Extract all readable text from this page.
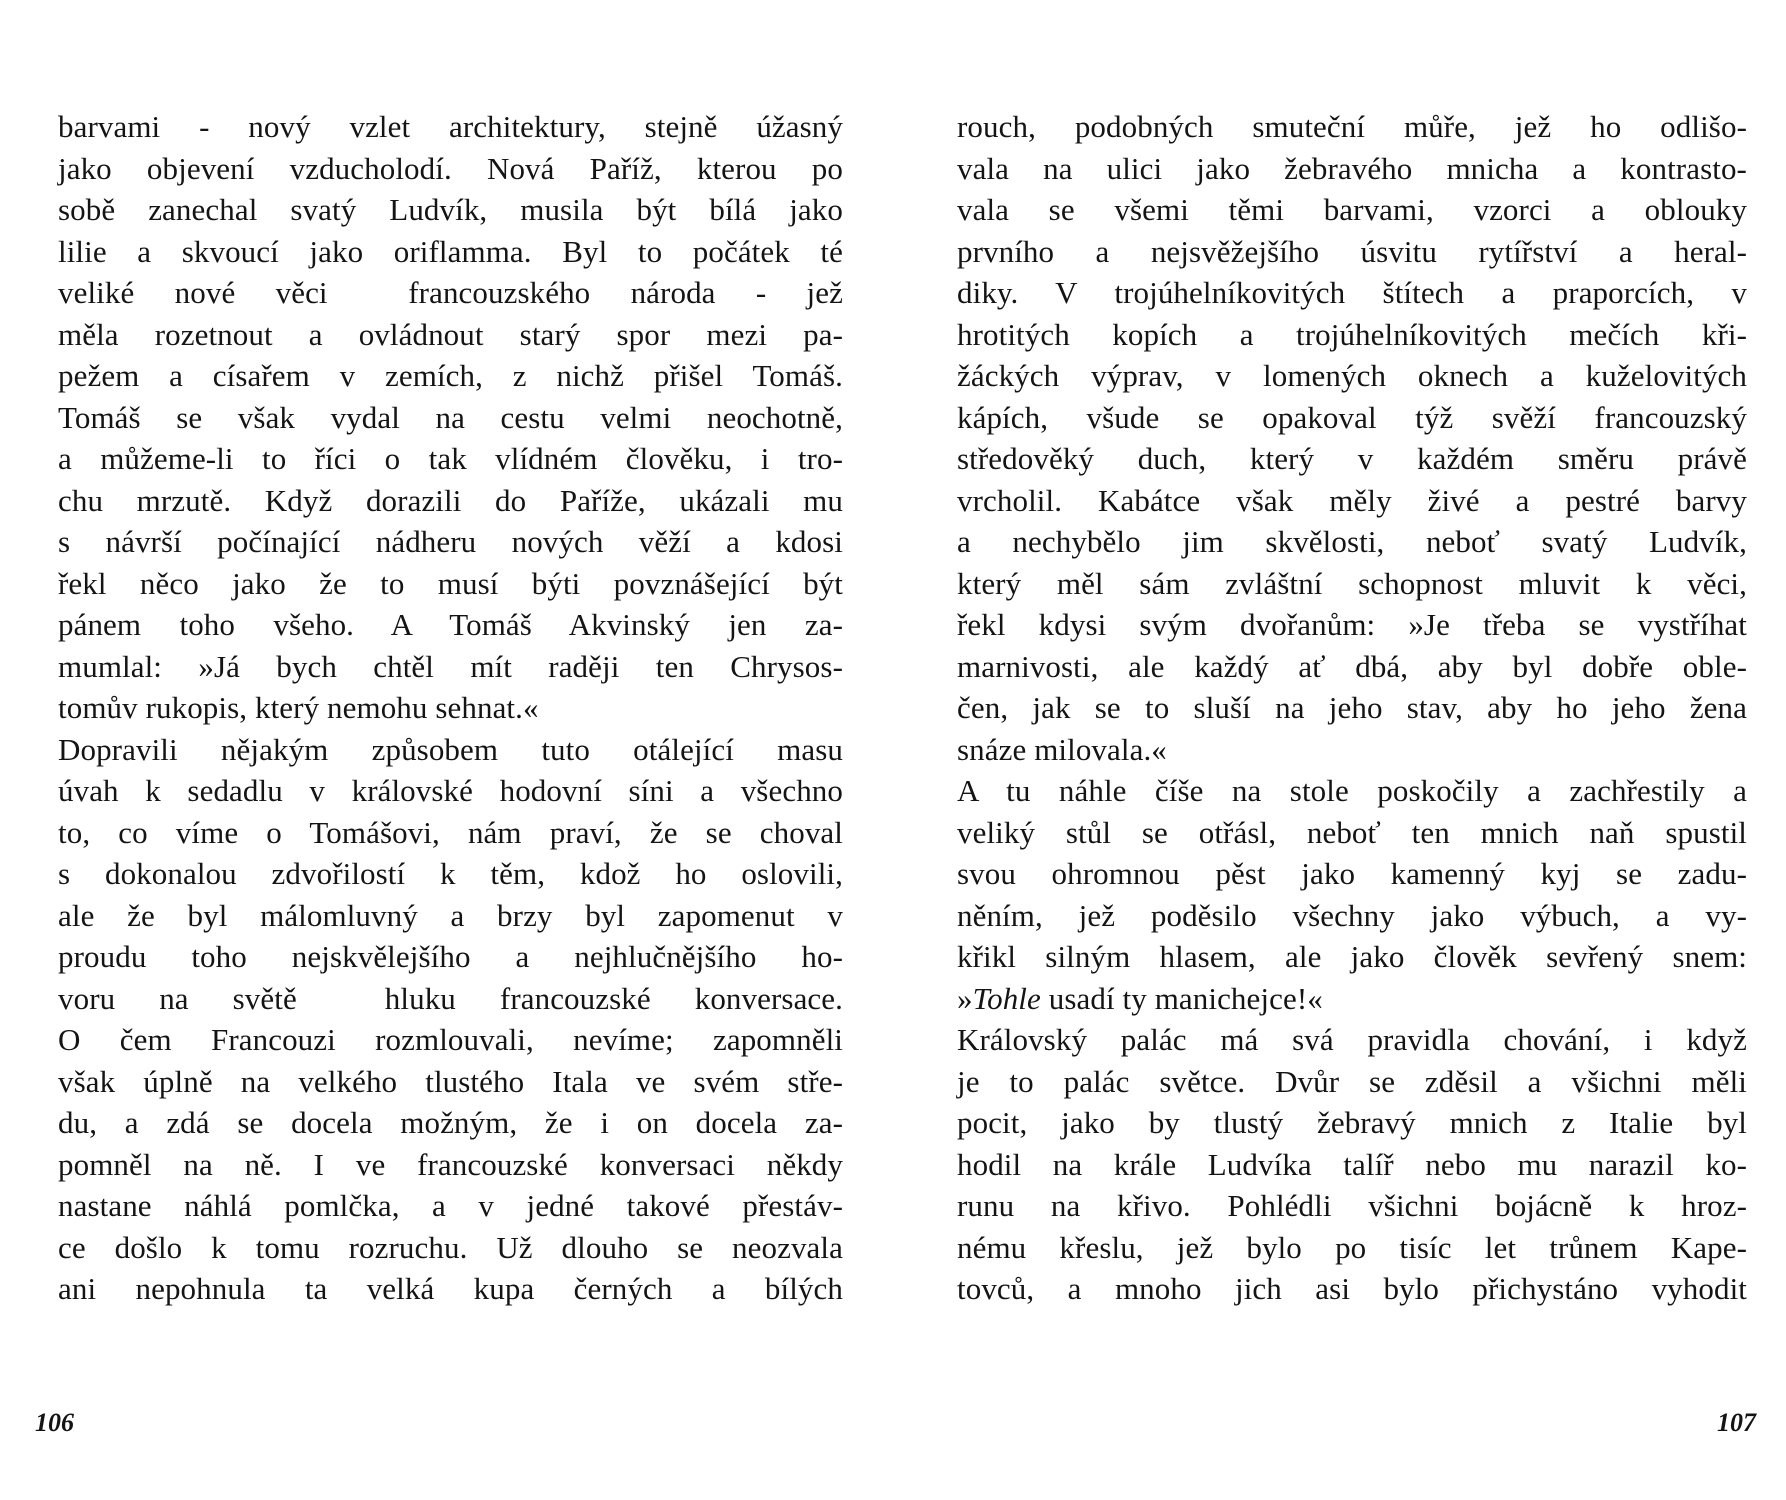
barvami - nový vzlet architektury, stejně úžasný
jako objevení vzducholodí. Nová Paříž, kterou po
sobě zanechal svatý Ludvík, musila být bílá jako
lilie a skvoucí jako oriflamma. Byl to počátek té
veliké nové věci  francouzského národa - jež
měla rozetnout a ovládnout starý spor mezi pa-
pežem a císařem v zemích, z nichž přišel Tomáš.
Tomáš se však vydal na cestu velmi neochotně,
a můžeme-li to říci o tak vlídném člověku, i tro-
chu mrzutě. Když dorazili do Paříže, ukázali mu
s návrší počínající nádheru nových věží a kdosi
řekl něco jako že to musí býti povznášející být
pánem toho všeho. A Tomáš Akvinský jen za-
mumlal: »Já bych chtěl mít raději ten Chrysos-
tomův rukopis, který nemohu sehnat.«
Dopravili nějakým způsobem tuto otálející masu
úvah k sedadlu v královské hodovní síni a všechno
to, co víme o Tomášovi, nám praví, že se choval
s dokonalou zdvořilostí k těm, kdož ho oslovili,
ale že byl málomluvný a brzy byl zapomenut v
proudu toho nejskvělejšího a nejhlučnějšího ho-
voru na světě  hluku francouzské konversace.
O čem Francouzi rozmlouvali, nevíme; zapomněli
však úplně na velkého tlustého Itala ve svém stře-
du, a zdá se docela možným, že i on docela za-
pomněl na ně. I ve francouzské konversaci někdy
nastane náhlá pomlčka, a v jedné takové přestáv-
ce došlo k tomu rozruchu. Už dlouho se neozvala
ani nepohnula ta velká kupa černých a bílých
106
rouch, podobných smuteční můře, jež ho odlišo-
vala na ulici jako žebravého mnicha a kontrasto-
vala se všemi těmi barvami, vzorci a oblouky
prvního a nejsvěžejšího úsvitu rytířství a heral-
diky. V trojúhelníkovitých štítech a praporcích, v
hrotitých kopích a trojúhelníkovitých mečích kři-
žáckých výprav, v lomených oknech a kuželovitých
kápích, všude se opakoval týž svěží francouzský
středověký duch, který v každém směru právě
vrcholil. Kabátce však měly živé a pestré barvy
a nechybělo jim skvělosti, neboť svatý Ludvík,
který měl sám zvláštní schopnost mluvit k věci,
řekl kdysi svým dvořanům: »Je třeba se vystříhat
marnivosti, ale každý ať dbá, aby byl dobře oble-
čen, jak se to sluší na jeho stav, aby ho jeho žena
snáze milovala.«
A tu náhle číše na stole poskočily a zachřestily a
veliký stůl se otřásl, neboť ten mnich naň spustil
svou ohromnou pěst jako kamenný kyj se zadu-
něním, jež poděsilo všechny jako výbuch, a vy-
křikl silným hlasem, ale jako člověk sevřený snem:
»Tohle usadí ty manichejce!«
Královský palác má svá pravidla chování, i když
je to palác světce. Dvůr se zděsil a všichni měli
pocit, jako by tlustý žebravý mnich z Italie byl
hodil na krále Ludvíka talíř nebo mu narazil ko-
runu na křivo. Pohlédli všichni bojácně k hroz-
nému křeslu, jež bylo po tisíc let trůnem Kape-
tovců, a mnoho jich asi bylo přichystáno vyhodit
107
